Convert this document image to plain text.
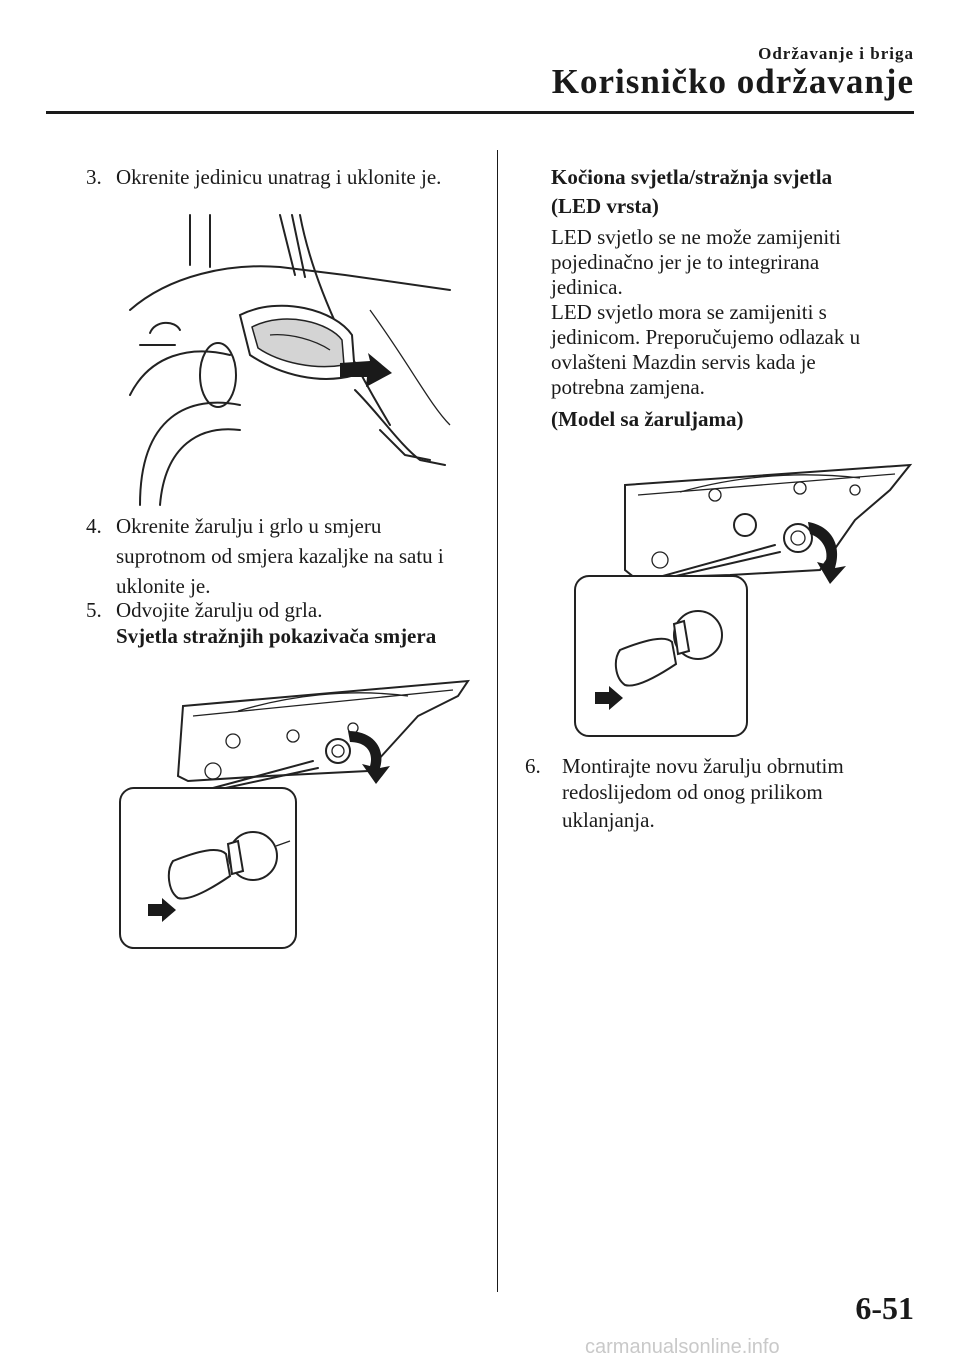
Održavanje i briga
Korisničko održavanje
3. Okrenite jedinicu unatrag i uklonite je.
4. Okrenite žarulju i grlo u smjeru
suprotnom od smjera kazaljke na satu i
uklonite je.
5. Odvojite žarulju od grla.
Svjetla stražnjih pokazivača smjera
Kočiona svjetla/stražnja svjetla
(LED vrsta)
LED svjetlo se ne može zamijeniti
pojedinačno jer je to integrirana
jedinica.
LED svjetlo mora se zamijeniti s
jedinicom. Preporučujemo odlazak u
ovlašteni Mazdin servis kada je
potrebna zamjena.
(Model sa žaruljama)
6.	Montirajte novu žarulju obrnutim
redoslijedom od onog prilikom
uklanjanja.
6-51
carmanualsonline.info
